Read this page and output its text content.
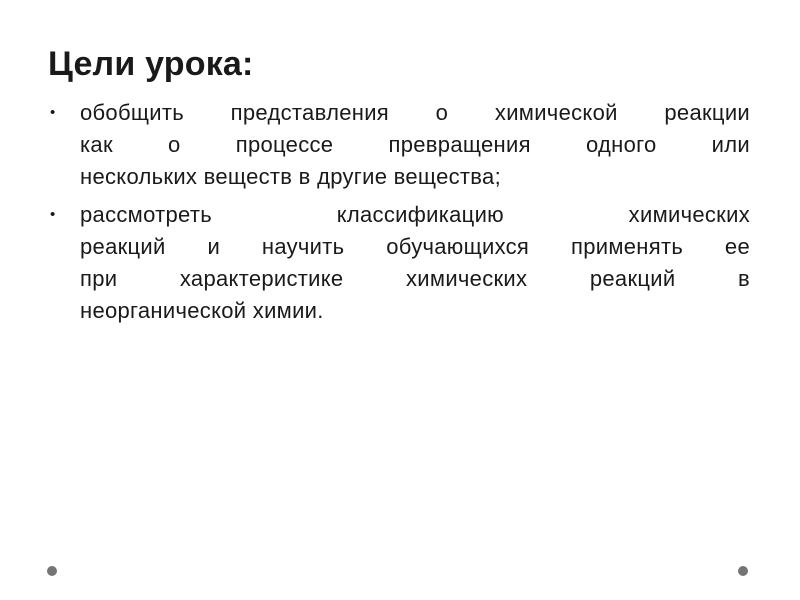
Цели урока:
•	обобщить представления о химической реакции
как о процессе превращения одного или
нескольких веществ в другие вещества;
•	рассмотреть классификацию химических
реакций и научить обучающихся применять ее
при характеристике химических реакций в
неорганической химии.
